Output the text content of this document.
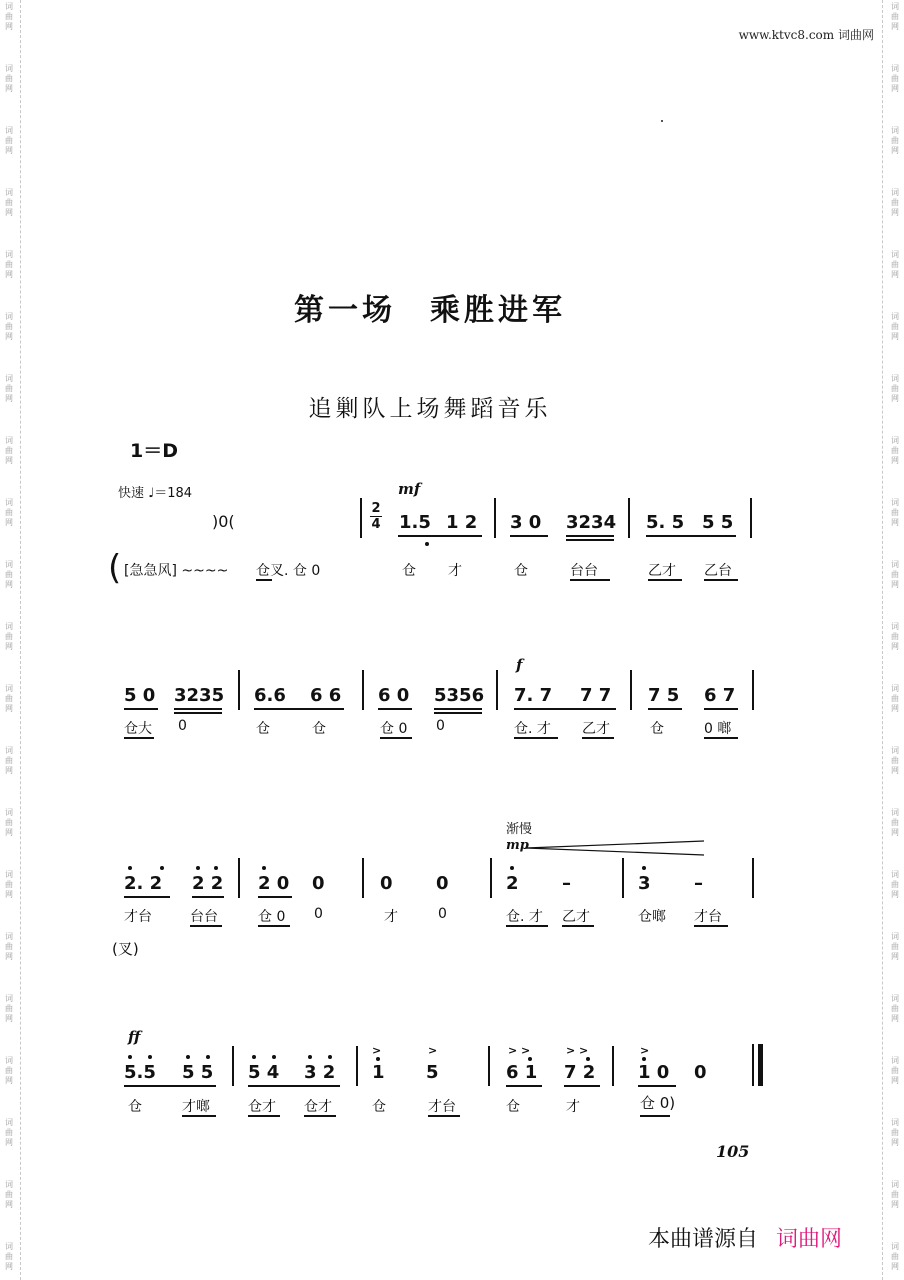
词
曲
网
词
曲
网
词
曲
网
词
曲
网
词
曲
网
词
曲
网
词
曲
网
词
曲
网
词
曲
网
词
曲
网
词
曲
网
词
曲
网
词
曲
网
词
曲
网
词
曲
网
词
曲
网
词
曲
网
词
曲
网
词
曲
网
词
曲
网
词
曲
网
词
曲
网
词
曲
网
词
曲
网
词
曲
网
词
曲
网
词
曲
网
词
曲
网
词
曲
网
词
曲
网
词
曲
网
词
曲
网
词
曲
网
词
曲
网
词
曲
网
词
曲
网
词
曲
网
词
曲
网
词
曲
网
词
曲
网
词
曲
网
词
曲
网
www.ktvc8.com 词曲网
第一场　乘胜进军
追剿队上场舞蹈音乐
1＝D
快速 ♩＝184
)0(
mf
2
4 1.5 1 2 3 0 3234 5. 5 5 5
( [急急风] ~~~~ 仓叉. 仓 0	仓 才	仓	台台	乙才 乙台
f
5 0 3235 6.6 6 6 6 0 5356 7. 7 7 7 7 5 6 7
仓大 0	仓	仓	仓 0 0	仓. 才 乙才	仓	0 啷
渐慢
mp
2. 2 2 2 2 0 0	0 0	2 –	3 –
才台	台台	仓 0 0	才	0	仓. 才 乙才	仓啷 才台
(叉)
ff
5.5 5 5 5 4 3 2
>
1
>
5
> >
6 1
> >
7 2
>
1 0 0
仓	才啷	仓才 仓才	仓	才台	仓	才	仓 0)
105
本曲谱源自 词曲网
